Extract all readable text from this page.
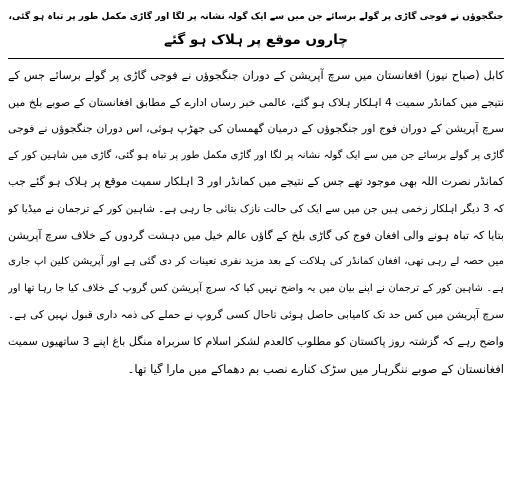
جنگجوؤں نے فوجی گاڑی پر گولے برسائے جن میں سے ایک گولہ نشانہ پر لگا اور گاڑی مکمل طور پر تباہ ہو گئی،
چاروں موقع پر ہلاک ہو گئے
کابل (صباح نیوز) افغانستان میں سرچ آپریشن کے دوران جنگجوؤں نے فوجی گاڑی پر گولے برسائے جس کے
نتیجے میں کمانڈر سمیت 4 اہلکار ہلاک ہو گئے، عالمی خبر رساں ادارے کے مطابق افغانستان کے صوبے بلخ میں
سرچ آپریشن کے دوران فوج اور جنگجوؤں کے درمیان گھمسان کی جھڑپ ہوئی، اس دوران جنگجوؤں نے فوجی
گاڑی پر گولے برسائے جن میں سے ایک گولہ نشانہ پر لگا اور گاڑی مکمل طور پر تباہ ہو گئی، گاڑی میں شاہین کور کے
کمانڈر نصرت اللہ بھی موجود تھے جس کے نتیجے میں کمانڈر اور 3 اہلکار سمیت موقع پر ہلاک ہو گئے جب
کہ 3 دیگر اہلکار زخمی ہیں جن میں سے ایک کی حالت نازک بتائی جا رہی ہے۔ شاہین کور کے ترجمان نے میڈیا کو
بتایا کہ تباہ ہونے والی افغان فوج کی گاڑی بلخ کے گاؤں عالم خیل میں دہشت گردوں کے خلاف سرچ آپریشن
میں حصہ لے رہی تھی، افغان کمانڈر کی ہلاکت کے بعد مزید نفری تعینات کر دی گئی ہے اور آپریشن کلین اپ جاری
ہے۔ شاہین کور کے ترجمان نے اپنے بیان میں یہ واضح نہیں کیا کہ سرچ آپریشن کس گروپ کے خلاف کیا جا رہا تھا اور
سرچ آپریشن میں کس حد تک کامیابی حاصل ہوئی تاحال کسی گروپ نے حملے کی ذمہ داری قبول نہیں کی ہے۔
واضح رہے کہ گزشتہ روز پاکستان کو مطلوب کالعدم لشکر اسلام کا سربراہ منگل باغ اپنے 3 ساتھیوں سمیت
افغانستان کے صوبے ننگرہار میں سڑک کنارے نصب بم دھماکے میں مارا گیا تھا۔
